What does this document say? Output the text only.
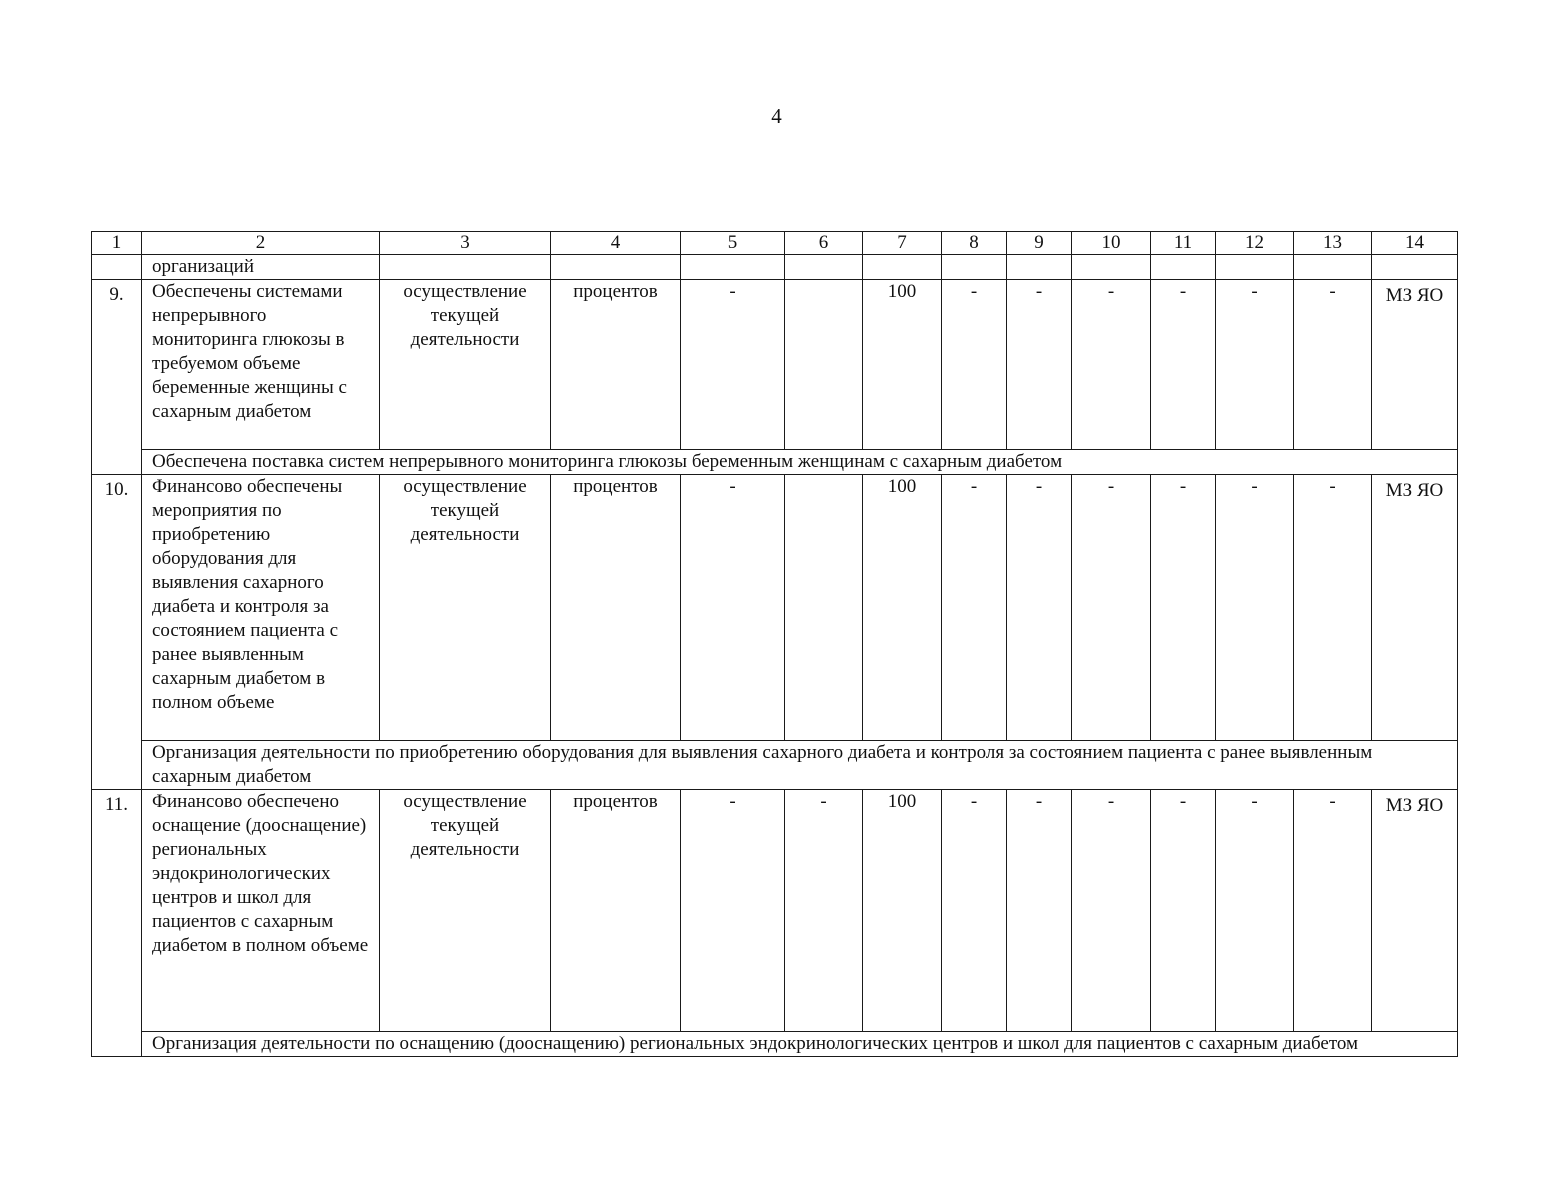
4
1	2	3	4	5	6	7	8	9	10	11	12	13	14
	организаций												
9.	Обеспечены системами непрерывного мониторинга глюкозы в требуемом объеме беременные женщины с сахарным диабетом	осуществление текущей деятельности	процентов	-		100	-	-	-	-	-	-	МЗ ЯО
	Обеспечена поставка систем непрерывного мониторинга глюкозы беременным женщинам с сахарным диабетом												
10.	Финансово обеспечены мероприятия по приобретению оборудования для выявления сахарного диабета и контроля за состоянием пациента с ранее выявленным сахарным диабетом в полном объеме	осуществление текущей деятельности	процентов	-		100	-	-	-	-	-	-	МЗ ЯО
	Организация деятельности по приобретению оборудования для выявления сахарного диабета и контроля за состоянием пациента с ранее выявленным сахарным диабетом												
11.	Финансово обеспечено оснащение (дооснащение) региональных эндокринологических центров и школ для пациентов с сахарным диабетом в полном объеме	осуществление текущей деятельности	процентов	-	-	100	-	-	-	-	-	-	МЗ ЯО
	Организация деятельности по оснащению (дооснащению) региональных эндокринологических центров и школ для пациентов с сахарным диабетом												
